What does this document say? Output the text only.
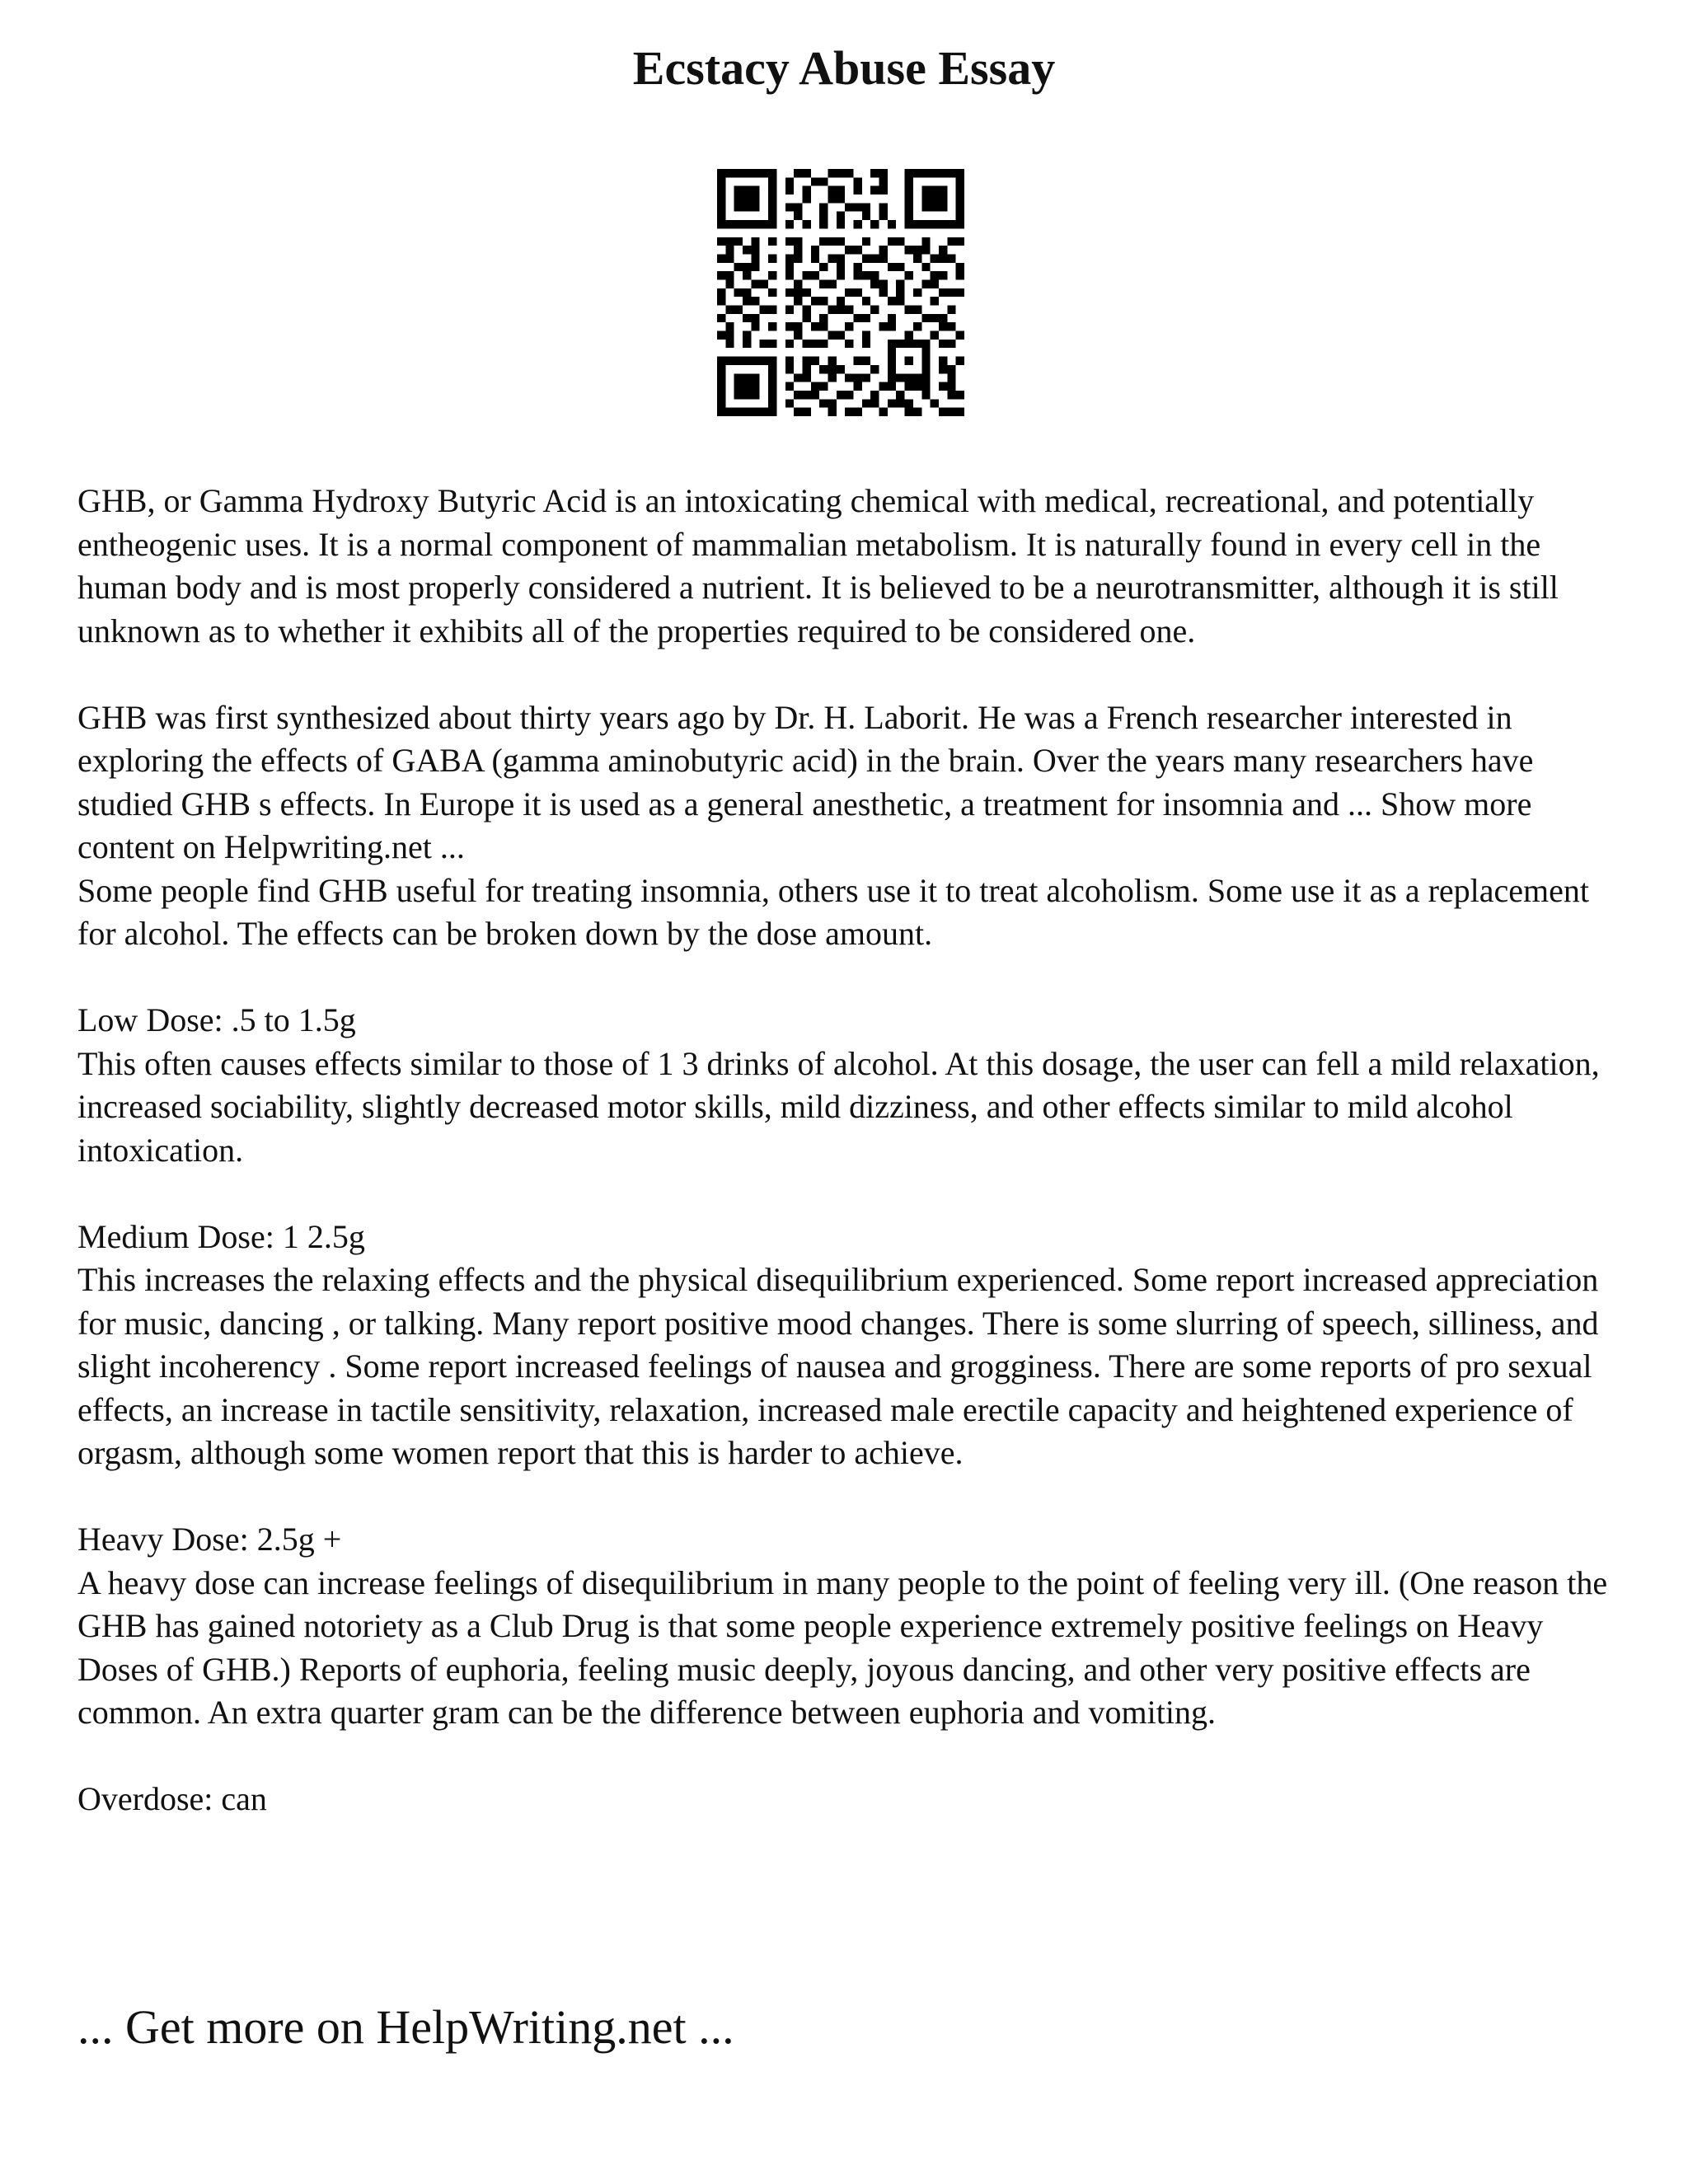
Ecstacy Abuse Essay

GHB, or Gamma Hydroxy Butyric Acid is an intoxicating chemical with medical, recreational, and potentially entheogenic uses. It is a normal component of mammalian metabolism. It is naturally found in every cell in the human body and is most properly considered a nutrient. It is believed to be a neurotransmitter, although it is still unknown as to whether it exhibits all of the properties required to be considered one.

GHB was first synthesized about thirty years ago by Dr. H. Laborit. He was a French researcher interested in exploring the effects of GABA (gamma aminobutyric acid) in the brain. Over the years many researchers have studied GHB s effects. In Europe it is used as a general anesthetic, a treatment for insomnia and ... Show more content on Helpwriting.net ...

Some people find GHB useful for treating insomnia, others use it to treat alcoholism. Some use it as a replacement for alcohol. The effects can be broken down by the dose amount.

Low Dose: .5 to 1.5g

This often causes effects similar to those of 1 3 drinks of alcohol. At this dosage, the user can fell a mild relaxation, increased sociability, slightly decreased motor skills, mild dizziness, and other effects similar to mild alcohol intoxication.

Medium Dose: 1 2.5g

This increases the relaxing effects and the physical disequilibrium experienced. Some report increased appreciation for music, dancing , or talking. Many report positive mood changes. There is some slurring of speech, silliness, and slight incoherency . Some report increased feelings of nausea and grogginess. There are some reports of pro sexual effects, an increase in tactile sensitivity, relaxation, increased male erectile capacity and heightened experience of orgasm, although some women report that this is harder to achieve.

Heavy Dose: 2.5g +

A heavy dose can increase feelings of disequilibrium in many people to the point of feeling very ill. (One reason the GHB has gained notoriety as a Club Drug is that some people experience extremely positive feelings on Heavy Doses of GHB.) Reports of euphoria, feeling music deeply, joyous dancing, and other very positive effects are common. An extra quarter gram can be the difference between euphoria and vomiting.

Overdose: can

... Get more on HelpWriting.net ...
